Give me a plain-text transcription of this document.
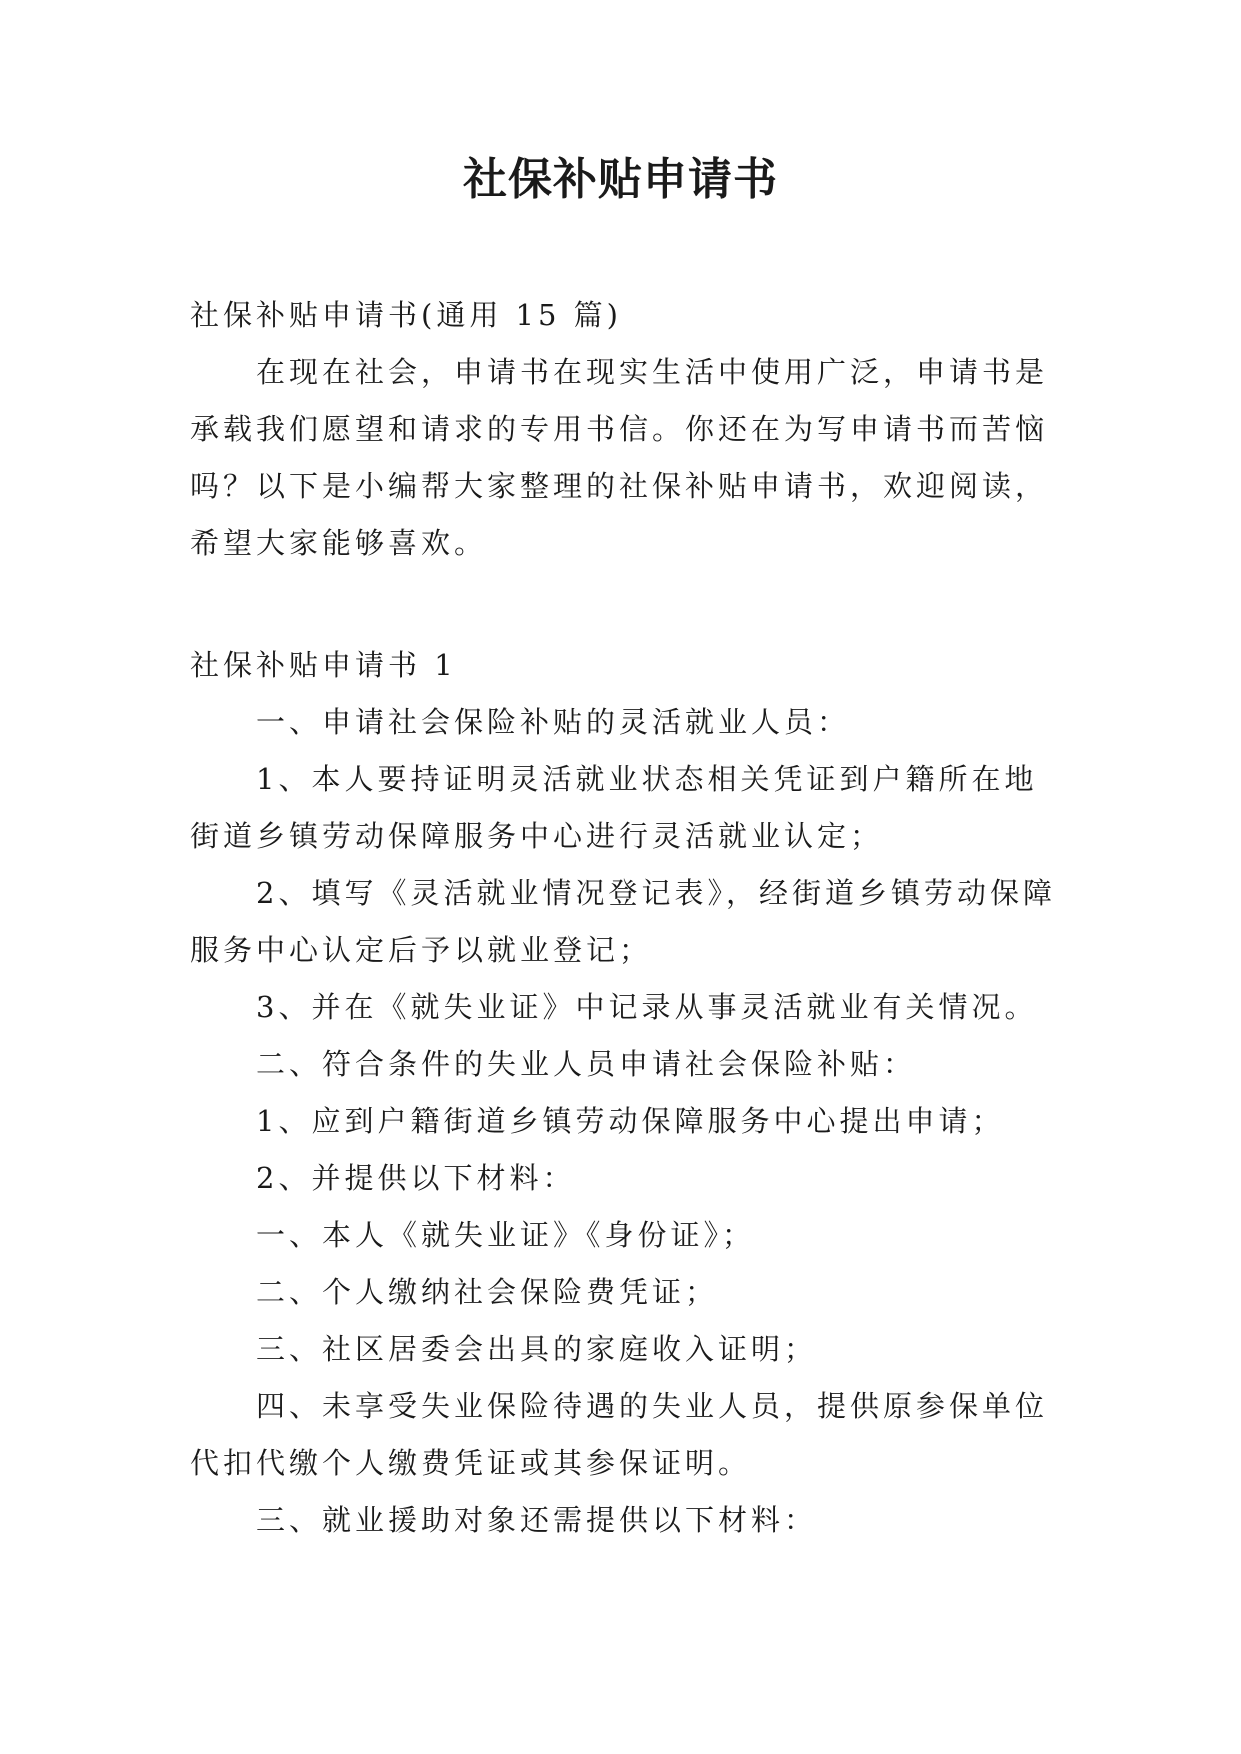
社保补贴申请书

社保补贴申请书(通用 15 篇)

在现在社会，申请书在现实生活中使用广泛，申请书是

承载我们愿望和请求的专用书信。你还在为写申请书而苦恼

吗？以下是小编帮大家整理的社保补贴申请书，欢迎阅读，

希望大家能够喜欢。

社保补贴申请书 1

一、申请社会保险补贴的灵活就业人员：

1、本人要持证明灵活就业状态相关凭证到户籍所在地

街道乡镇劳动保障服务中心进行灵活就业认定；

2、填写《灵活就业情况登记表》，经街道乡镇劳动保障

服务中心认定后予以就业登记；

3、并在《就失业证》中记录从事灵活就业有关情况。

二、符合条件的失业人员申请社会保险补贴：

1、应到户籍街道乡镇劳动保障服务中心提出申请；

2、并提供以下材料：

一、本人《就失业证》《身份证》；

二、个人缴纳社会保险费凭证；

三、社区居委会出具的家庭收入证明；

四、未享受失业保险待遇的失业人员，提供原参保单位

代扣代缴个人缴费凭证或其参保证明。

三、就业援助对象还需提供以下材料：
